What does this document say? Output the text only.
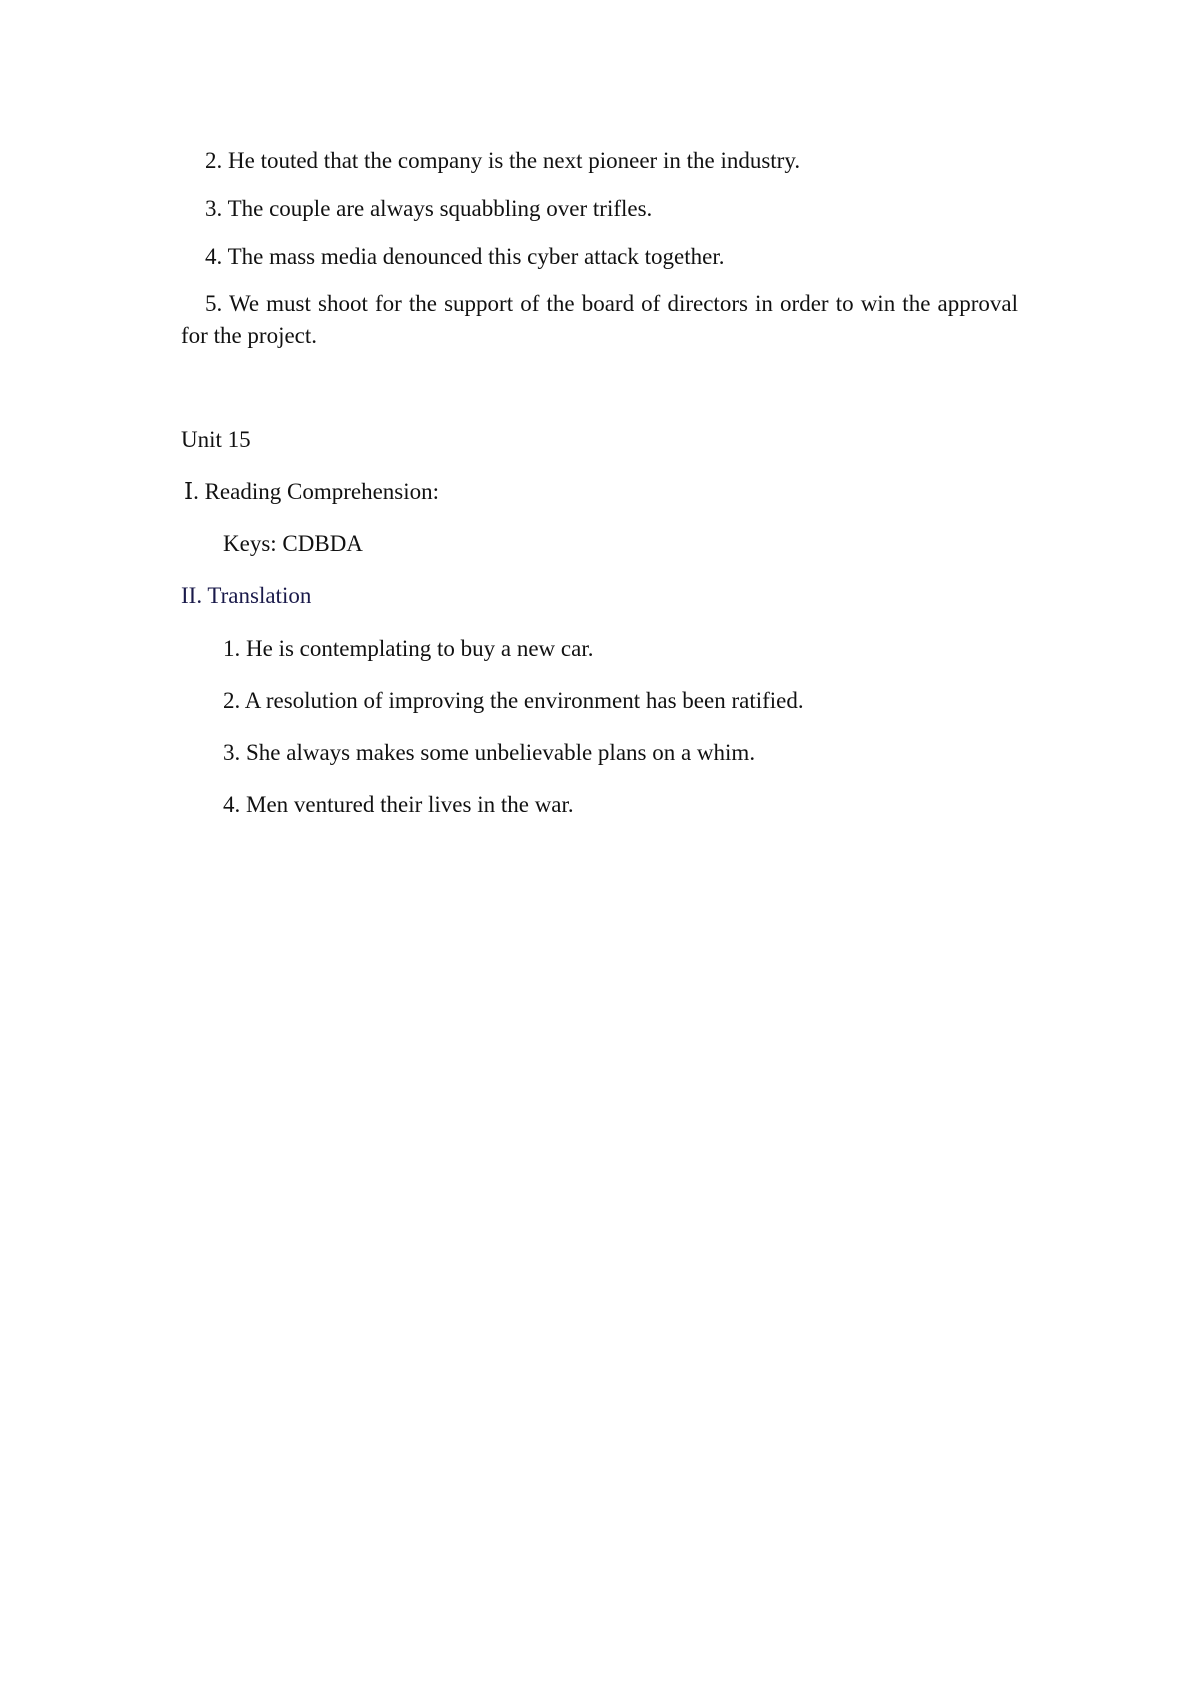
2. He touted that the company is the next pioneer in the industry.
3. The couple are always squabbling over trifles.
4. The mass media denounced this cyber attack together.
5. We must shoot for the support of the board of directors in order to win the approval for the project.
Unit 15
Ⅰ. Reading Comprehension:
Keys: CDBDA
II. Translation
1. He is contemplating to buy a new car.
2. A resolution of improving the environment has been ratified.
3. She always makes some unbelievable plans on a whim.
4. Men ventured their lives in the war.
